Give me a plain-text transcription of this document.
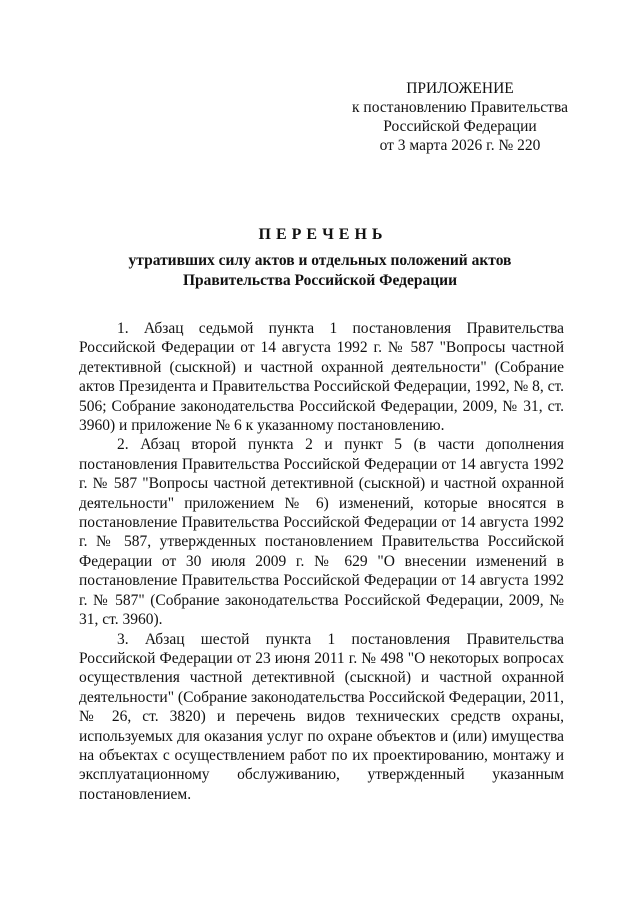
ПРИЛОЖЕНИЕ
к постановлению Правительства
Российской Федерации
от 3 марта 2026 г. № 220
ПЕРЕЧЕНЬ
утративших силу актов и отдельных положений актов
Правительства Российской Федерации

1. Абзац седьмой пункта 1 постановления Правительства Российской Федерации от 14 августа 1992 г. № 587 "Вопросы частной детективной (сыскной) и частной охранной деятельности" (Собрание актов Президента и Правительства Российской Федерации, 1992, № 8, ст. 506; Собрание законодательства Российской Федерации, 2009, № 31, ст. 3960) и приложение № 6 к указанному постановлению.

2. Абзац второй пункта 2 и пункт 5 (в части дополнения постановления Правительства Российской Федерации от 14 августа 1992 г. № 587 "Вопросы частной детективной (сыскной) и частной охранной деятельности" приложением № 6) изменений, которые вносятся в постановление Правительства Российской Федерации от 14 августа 1992 г. № 587, утвержденных постановлением Правительства Российской Федерации от 30 июля 2009 г. № 629 "О внесении изменений в постановление Правительства Российской Федерации от 14 августа 1992 г. № 587" (Собрание законодательства Российской Федерации, 2009, № 31, ст. 3960).

3. Абзац шестой пункта 1 постановления Правительства Российской Федерации от 23 июня 2011 г. № 498 "О некоторых вопросах осуществления частной детективной (сыскной) и частной охранной деятельности" (Собрание законодательства Российской Федерации, 2011, № 26, ст. 3820) и перечень видов технических средств охраны, используемых для оказания услуг по охране объектов и (или) имущества на объектах с осуществлением работ по их проектированию, монтажу и эксплуатационному обслуживанию, утвержденный указанным постановлением.
